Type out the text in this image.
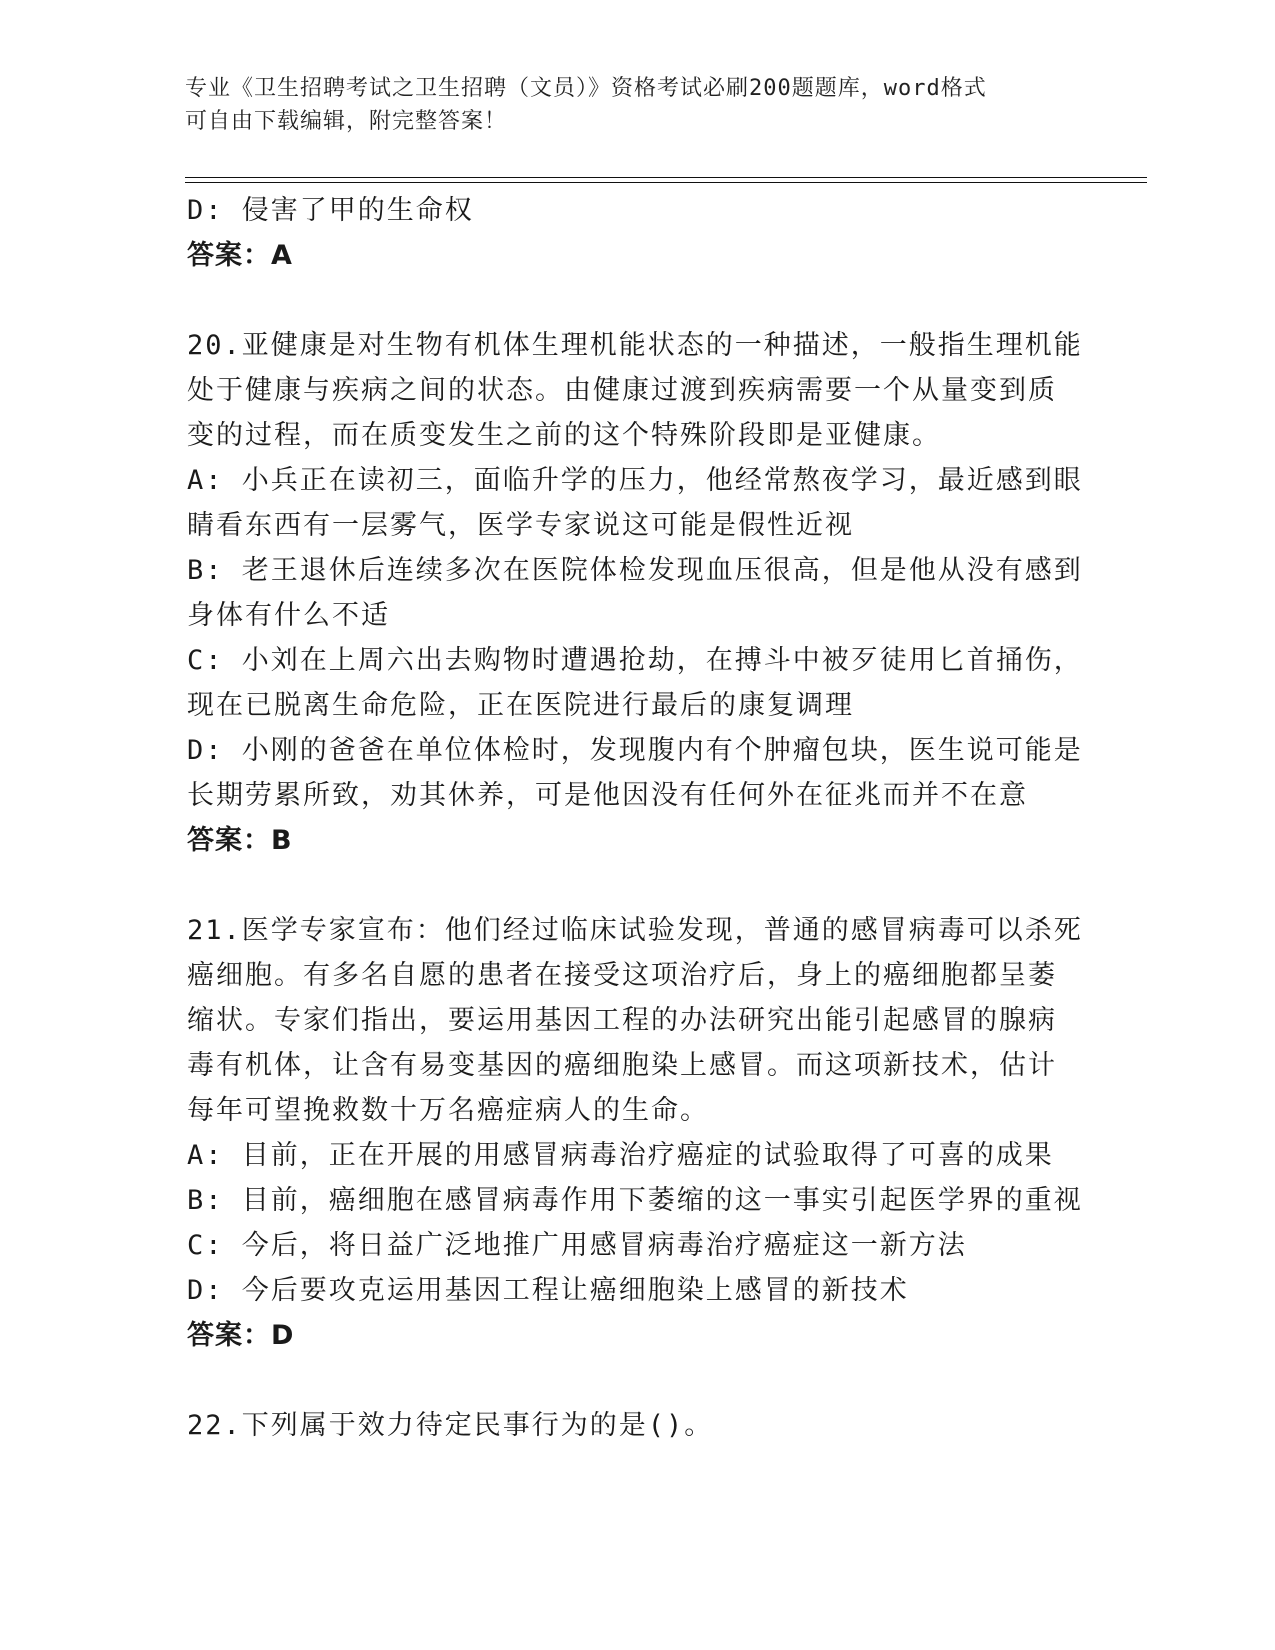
专业《卫生招聘考试之卫生招聘（文员）》资格考试必刷200题题库，word格式
可自由下载编辑，附完整答案！
D: 侵害了甲的生命权
答案：A
20.亚健康是对生物有机体生理机能状态的一种描述，一般指生理机能
处于健康与疾病之间的状态。由健康过渡到疾病需要一个从量变到质
变的过程，而在质变发生之前的这个特殊阶段即是亚健康。
A: 小兵正在读初三，面临升学的压力，他经常熬夜学习，最近感到眼
睛看东西有一层雾气，医学专家说这可能是假性近视
B: 老王退休后连续多次在医院体检发现血压很高，但是他从没有感到
身体有什么不适
C: 小刘在上周六出去购物时遭遇抢劫，在搏斗中被歹徒用匕首捅伤，
现在已脱离生命危险，正在医院进行最后的康复调理
D: 小刚的爸爸在单位体检时，发现腹内有个肿瘤包块，医生说可能是
长期劳累所致，劝其休养，可是他因没有任何外在征兆而并不在意
答案：B
21.医学专家宣布：他们经过临床试验发现，普通的感冒病毒可以杀死
癌细胞。有多名自愿的患者在接受这项治疗后，身上的癌细胞都呈萎
缩状。专家们指出，要运用基因工程的办法研究出能引起感冒的腺病
毒有机体，让含有易变基因的癌细胞染上感冒。而这项新技术，估计
每年可望挽救数十万名癌症病人的生命。
A: 目前，正在开展的用感冒病毒治疗癌症的试验取得了可喜的成果
B: 目前，癌细胞在感冒病毒作用下萎缩的这一事实引起医学界的重视
C: 今后，将日益广泛地推广用感冒病毒治疗癌症这一新方法
D: 今后要攻克运用基因工程让癌细胞染上感冒的新技术
答案：D
22.下列属于效力待定民事行为的是()。
